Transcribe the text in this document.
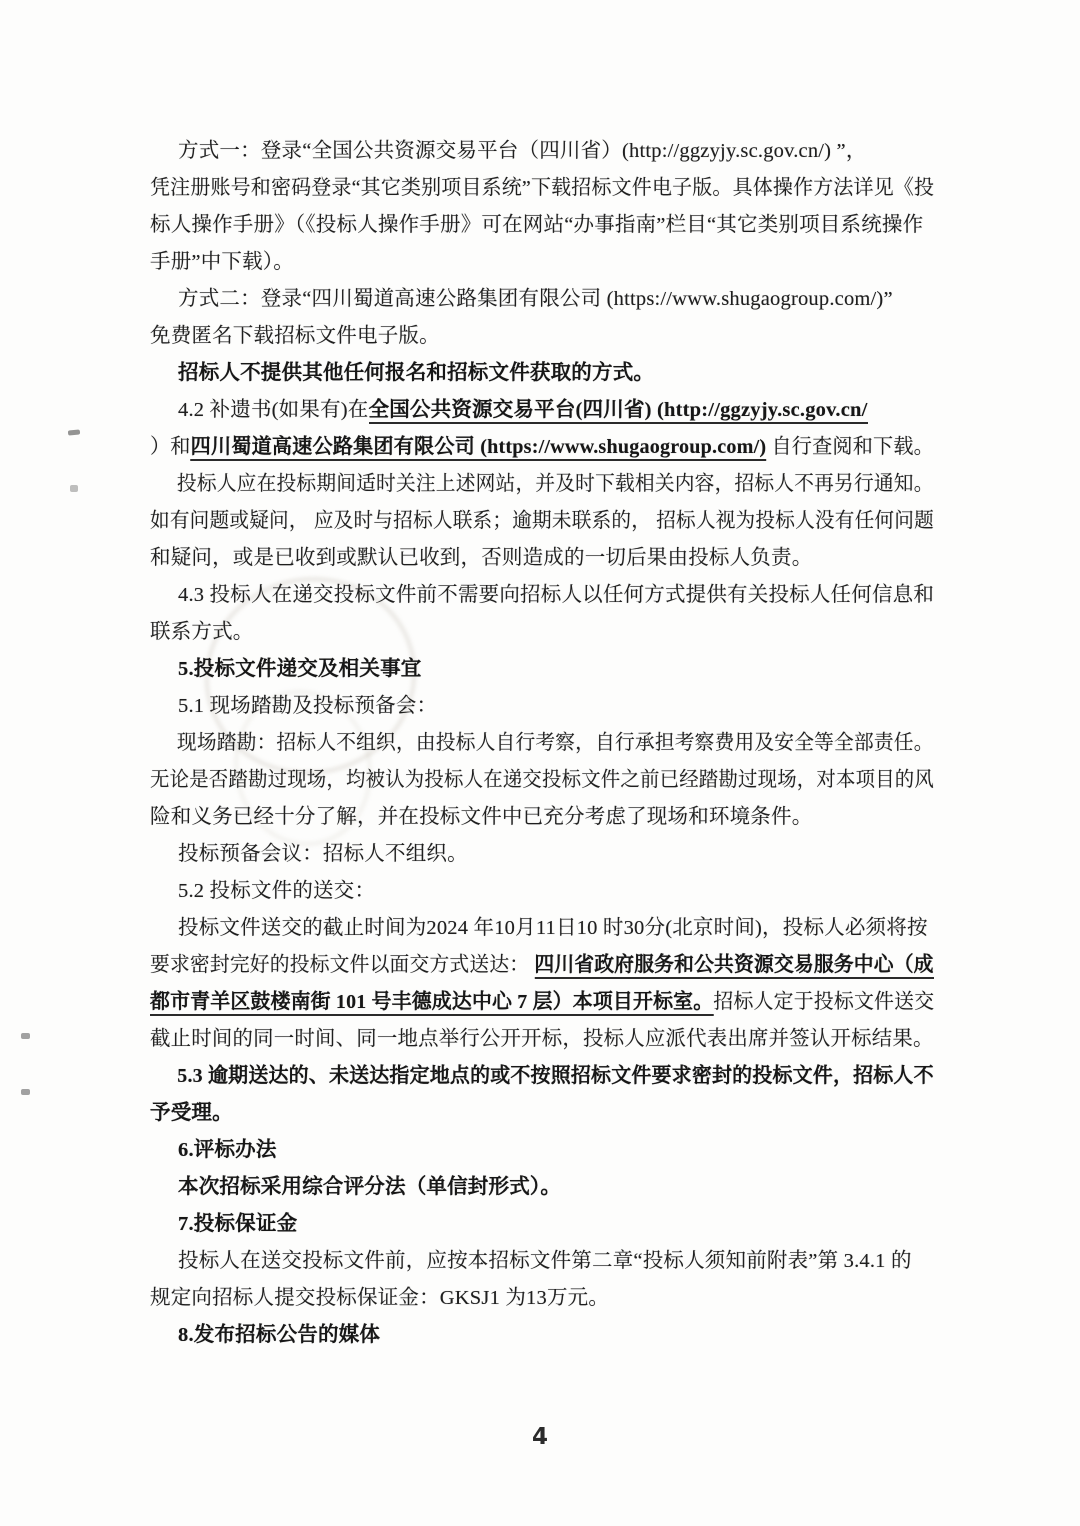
方式一：登录“全国公共资源交易平台（四川省）(http://ggzyjy.sc.gov.cn/) ”，
凭注册账号和密码登录“其它类别项目系统”下载招标文件电子版。具体操作方法详见《投
标人操作手册》（《投标人操作手册》可在网站“办事指南”栏目“其它类别项目系统操作
手册”中下载）。
方式二：登录“四川蜀道高速公路集团有限公司 (https://www.shugaogroup.com/)”
免费匿名下载招标文件电子版。
招标人不提供其他任何报名和招标文件获取的方式。
4.2 补遗书(如果有)在全国公共资源交易平台(四川省) (http://ggzyjy.sc.gov.cn/
）和四川蜀道高速公路集团有限公司 (https://www.shugaogroup.com/) 自行查阅和下载。
投标人应在投标期间适时关注上述网站，并及时下载相关内容，招标人不再另行通知。
如有问题或疑问， 应及时与招标人联系；逾期未联系的， 招标人视为投标人没有任何问题
和疑问，或是已收到或默认已收到，否则造成的一切后果由投标人负责。
4.3 投标人在递交投标文件前不需要向招标人以任何方式提供有关投标人任何信息和
联系方式。
5.投标文件递交及相关事宜
5.1 现场踏勘及投标预备会：
现场踏勘：招标人不组织，由投标人自行考察，自行承担考察费用及安全等全部责任。
无论是否踏勘过现场，均被认为投标人在递交投标文件之前已经踏勘过现场，对本项目的风
险和义务已经十分了解，并在投标文件中已充分考虑了现场和环境条件。
投标预备会议：招标人不组织。
5.2 投标文件的送交：
投标文件送交的截止时间为2024 年10月11日10 时30分(北京时间)，投标人必须将按
要求密封完好的投标文件以面交方式送达： 四川省政府服务和公共资源交易服务中心（成
都市青羊区鼓楼南街 101 号丰德成达中心 7 层）本项目开标室。招标人定于投标文件送交
截止时间的同一时间、同一地点举行公开开标，投标人应派代表出席并签认开标结果。
5.3 逾期送达的、未送达指定地点的或不按照招标文件要求密封的投标文件，招标人不
予受理。
6.评标办法
本次招标采用综合评分法（单信封形式）。
7.投标保证金
投标人在送交投标文件前，应按本招标文件第二章“投标人须知前附表”第 3.4.1 的
规定向招标人提交投标保证金：GKSJ1 为13万元。
8.发布招标公告的媒体
4
